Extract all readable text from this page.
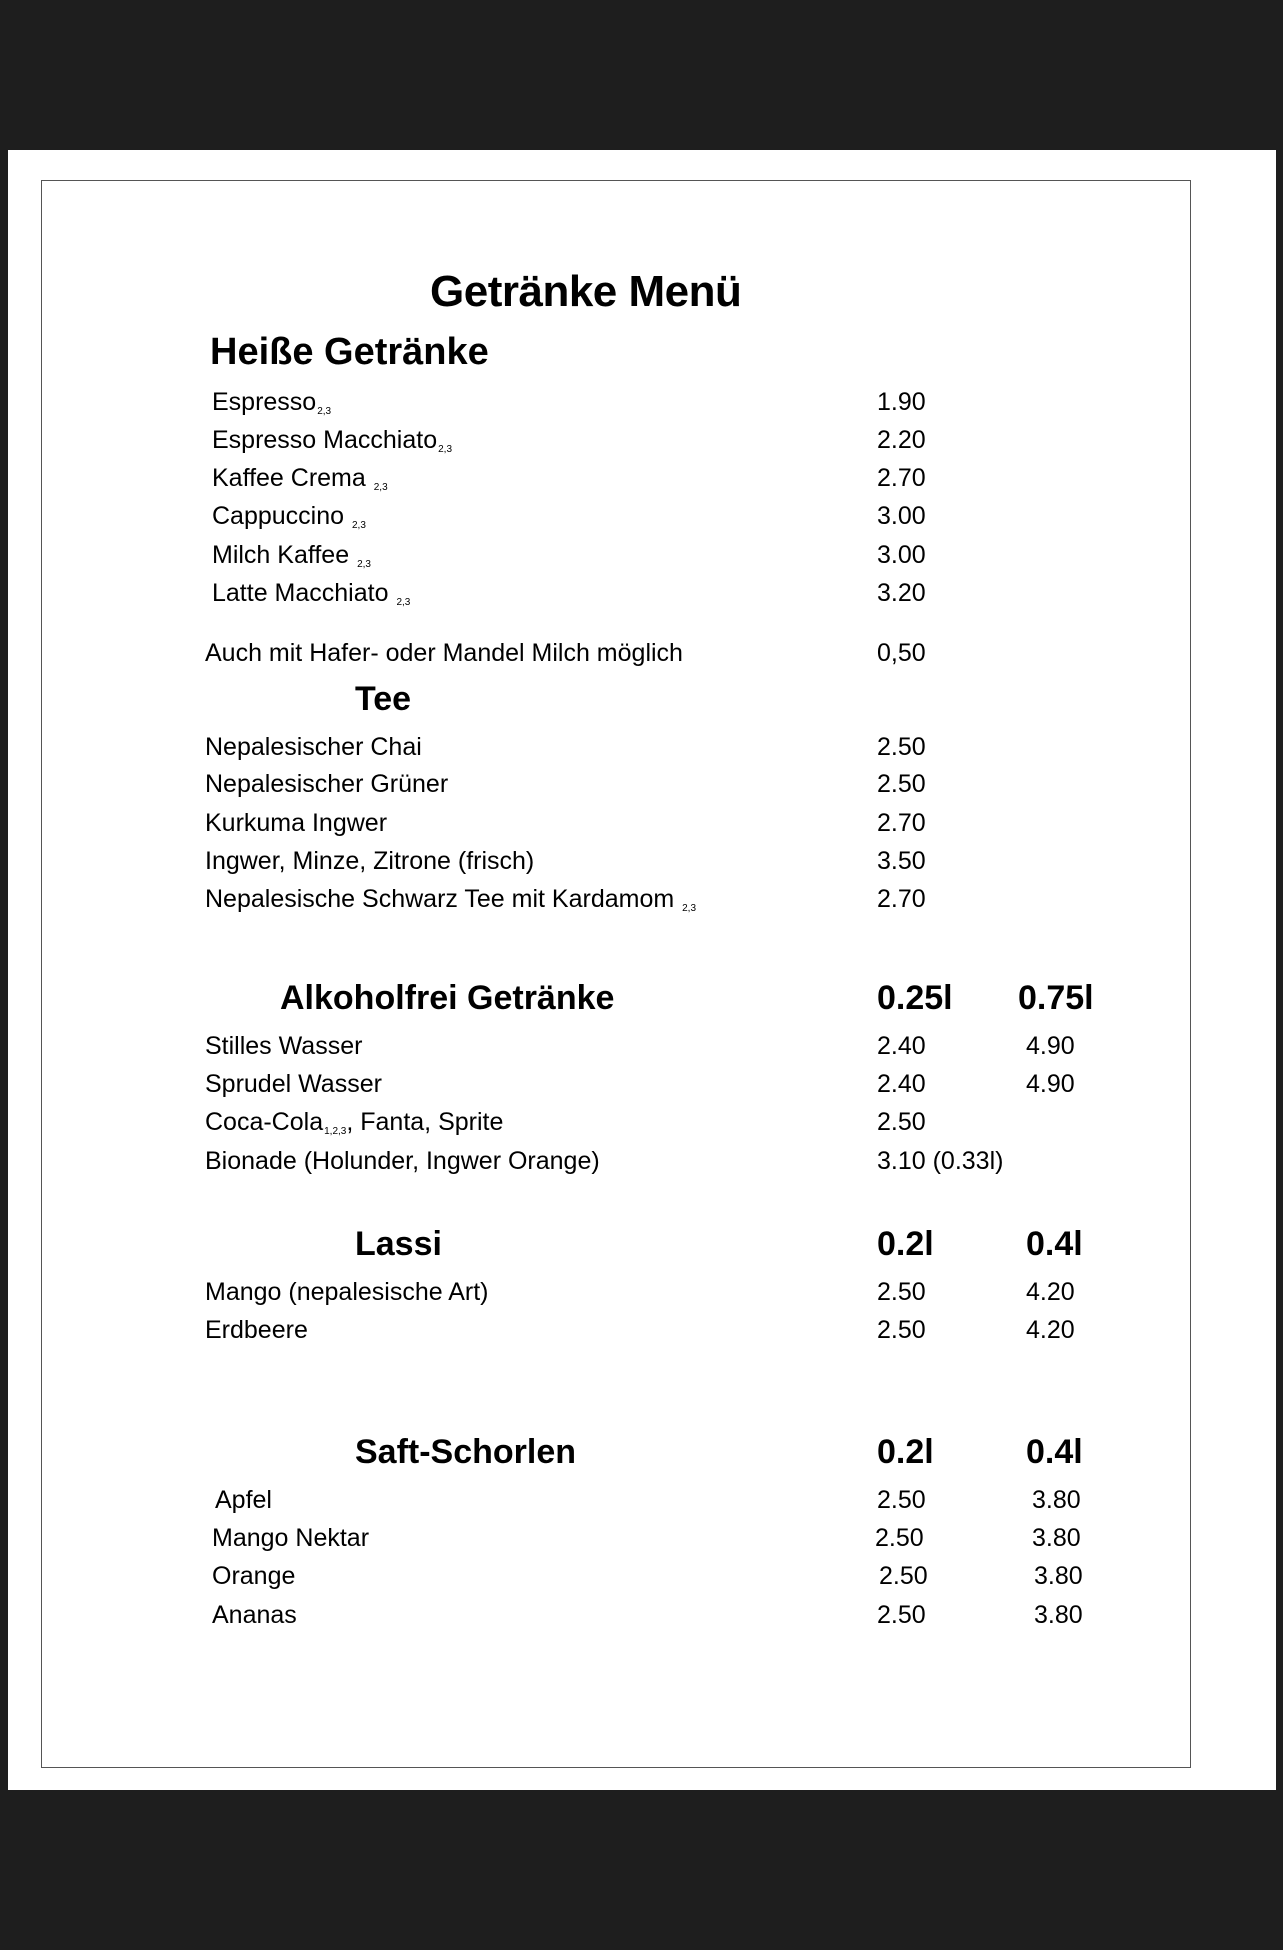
Getränke Menü
Heiße Getränke
Espresso2,3	1.90
Espresso Macchiato2,3	2.20
Kaffee Crema 2,3	2.70
Cappuccino 2,3	3.00
Milch Kaffee 2,3	3.00
Latte Macchiato 2,3	3.20
Auch mit Hafer- oder Mandel Milch möglich	0,50
Tee
Nepalesischer Chai	2.50
Nepalesischer Grüner	2.50
Kurkuma Ingwer	2.70
Ingwer, Minze, Zitrone (frisch)	3.50
Nepalesische Schwarz Tee mit Kardamom 2,3	2.70
Alkoholfrei Getränke	0.25l 0.75l
Stilles Wasser	2.40	4.90
Sprudel Wasser	2.40	4.90
Coca-Cola1,2,3, Fanta, Sprite	2.50
Bionade (Holunder, Ingwer Orange)	3.10 (0.33l)
Lassi	0.2l	0.4l
Mango (nepalesische Art)	2.50	4.20
Erdbeere	2.50	4.20
Saft-Schorlen	0.2l	0.4l
Apfel	2.50	3.80
Mango Nektar	2.50	3.80
Orange	2.50	3.80
Ananas	2.50	3.80
